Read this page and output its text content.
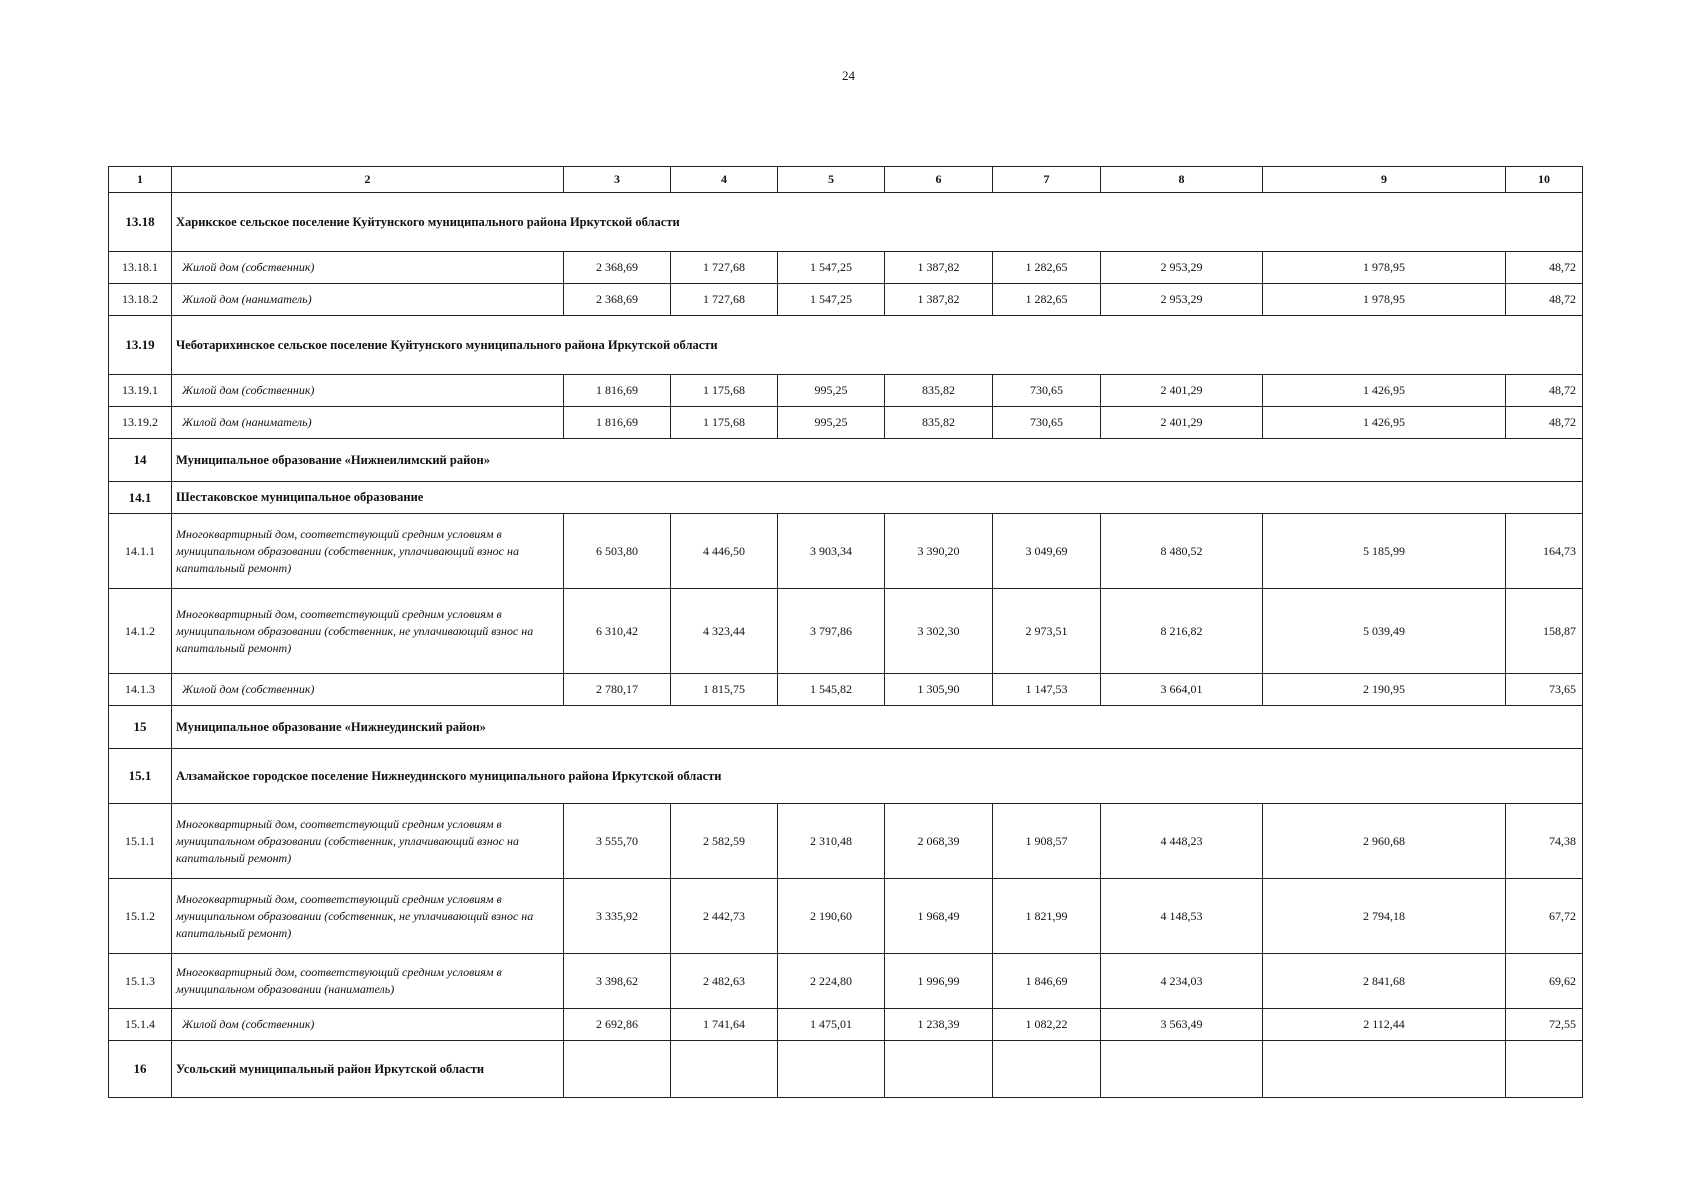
24
1	2	3	4	5	6	7	8	9	10
13.18	Харикское сельское поселение Куйтунского муниципального района Иркутской области								
13.18.1	Жилой дом (собственник)	2 368,69	1 727,68	1 547,25	1 387,82	1 282,65	2 953,29	1 978,95	48,72
13.18.2	Жилой дом (наниматель)	2 368,69	1 727,68	1 547,25	1 387,82	1 282,65	2 953,29	1 978,95	48,72
13.19	Чеботарихинское сельское поселение Куйтунского муниципального района Иркутской области								
13.19.1	Жилой дом (собственник)	1 816,69	1 175,68	995,25	835,82	730,65	2 401,29	1 426,95	48,72
13.19.2	Жилой дом (наниматель)	1 816,69	1 175,68	995,25	835,82	730,65	2 401,29	1 426,95	48,72
14	Муниципальное образование «Нижнеилимский район»								
14.1	Шестаковское муниципальное образование								
14.1.1	Многоквартирный дом, соответствующий средним условиям в муниципальном образовании (собственник, уплачивающий взнос на капитальный ремонт)	6 503,80	4 446,50	3 903,34	3 390,20	3 049,69	8 480,52	5 185,99	164,73
14.1.2	Многоквартирный дом, соответствующий средним условиям в муниципальном образовании (собственник, не уплачивающий взнос на капитальный ремонт)	6 310,42	4 323,44	3 797,86	3 302,30	2 973,51	8 216,82	5 039,49	158,87
14.1.3	Жилой дом (собственник)	2 780,17	1 815,75	1 545,82	1 305,90	1 147,53	3 664,01	2 190,95	73,65
15	Муниципальное образование «Нижнеудинский район»								
15.1	Алзамайское городское поселение Нижнеудинского муниципального района Иркутской области								
15.1.1	Многоквартирный дом, соответствующий средним условиям в муниципальном образовании (собственник, уплачивающий взнос на капитальный ремонт)	3 555,70	2 582,59	2 310,48	2 068,39	1 908,57	4 448,23	2 960,68	74,38
15.1.2	Многоквартирный дом, соответствующий средним условиям в муниципальном образовании (собственник, не уплачивающий взнос на капитальный ремонт)	3 335,92	2 442,73	2 190,60	1 968,49	1 821,99	4 148,53	2 794,18	67,72
15.1.3	Многоквартирный дом, соответствующий средним условиям в муниципальном образовании (наниматель)	3 398,62	2 482,63	2 224,80	1 996,99	1 846,69	4 234,03	2 841,68	69,62
15.1.4	Жилой дом (собственник)	2 692,86	1 741,64	1 475,01	1 238,39	1 082,22	3 563,49	2 112,44	72,55
16	Усольский муниципальный район Иркутской области								
